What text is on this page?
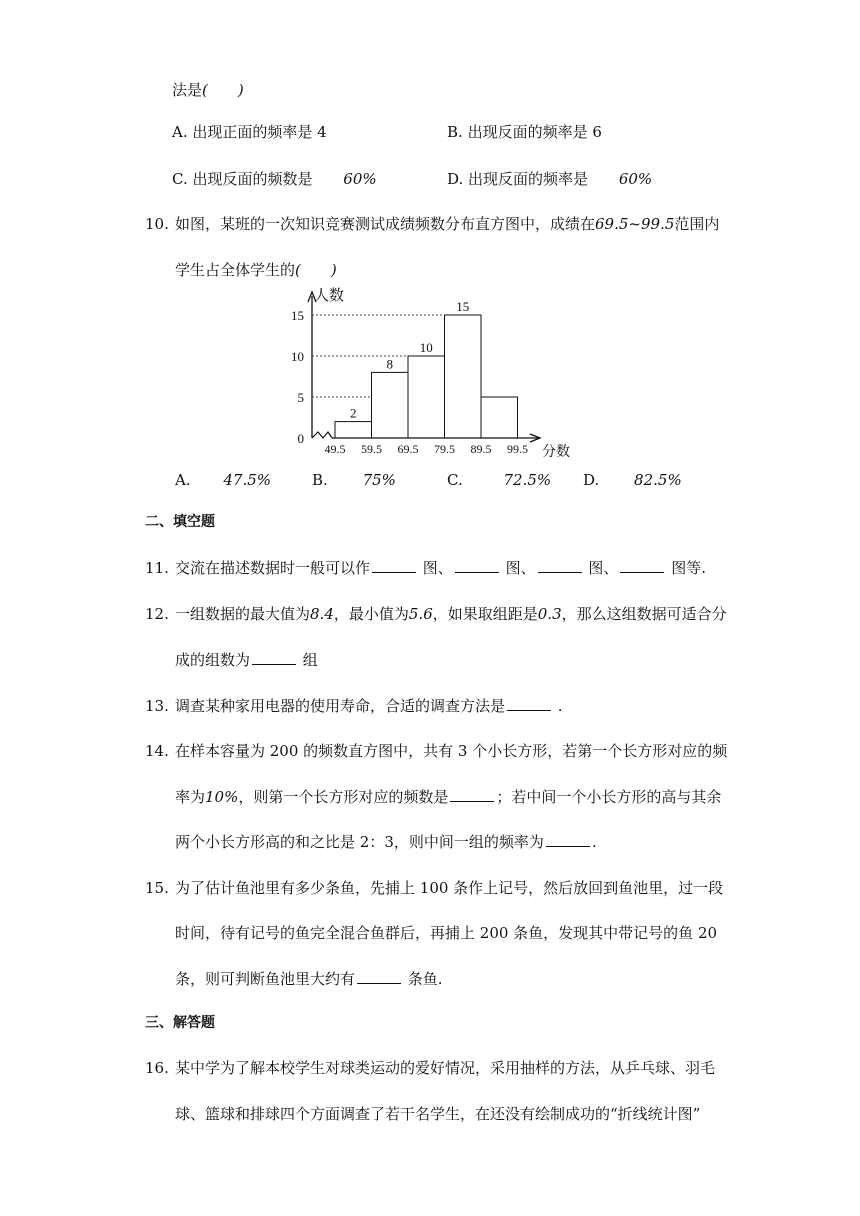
法是(　　)
A. 出现正面的频率是 4	B. 出现反面的频率是 6
C. 出现反面的频数是 60%	D. 出现反面的频率是 60%
10. 如图，某班的一次知识竞赛测试成绩频数分布直方图中，成绩在69.5~99.5范围内
学生占全体学生的(　　)
人数
分数
0
5
10
15
2
8
10
15
49.5 59.5 69.5 79.5 89.5 99.5
A. 47.5%	B. 75%	C.	72.5% D. 82.5%
二、填空题
11. 交流在描述数据时一般可以作	图、	图、	图、	图等.
12. 一组数据的最大值为8.4，最小值为5.6，如果取组距是0.3，那么这组数据可适合分
成的组数为	组
13. 调查某种家用电器的使用寿命，合适的调查方法是	.
14. 在样本容量为 200 的频数直方图中，共有 3 个小长方形，若第一个长方形对应的频
率为10%，则第一个长方形对应的频数是	；若中间一个小长方形的高与其余
两个小长方形高的和之比是 2：3，则中间一组的频率为	.
15. 为了估计鱼池里有多少条鱼，先捕上 100 条作上记号，然后放回到鱼池里，过一段
时间，待有记号的鱼完全混合鱼群后，再捕上 200 条鱼，发现其中带记号的鱼 20
条，则可判断鱼池里大约有	条鱼.
三、解答题
16. 某中学为了解本校学生对球类运动的爱好情况，采用抽样的方法，从乒乓球、羽毛
球、篮球和排球四个方面调查了若干名学生，在还没有绘制成功的“折线统计图”
